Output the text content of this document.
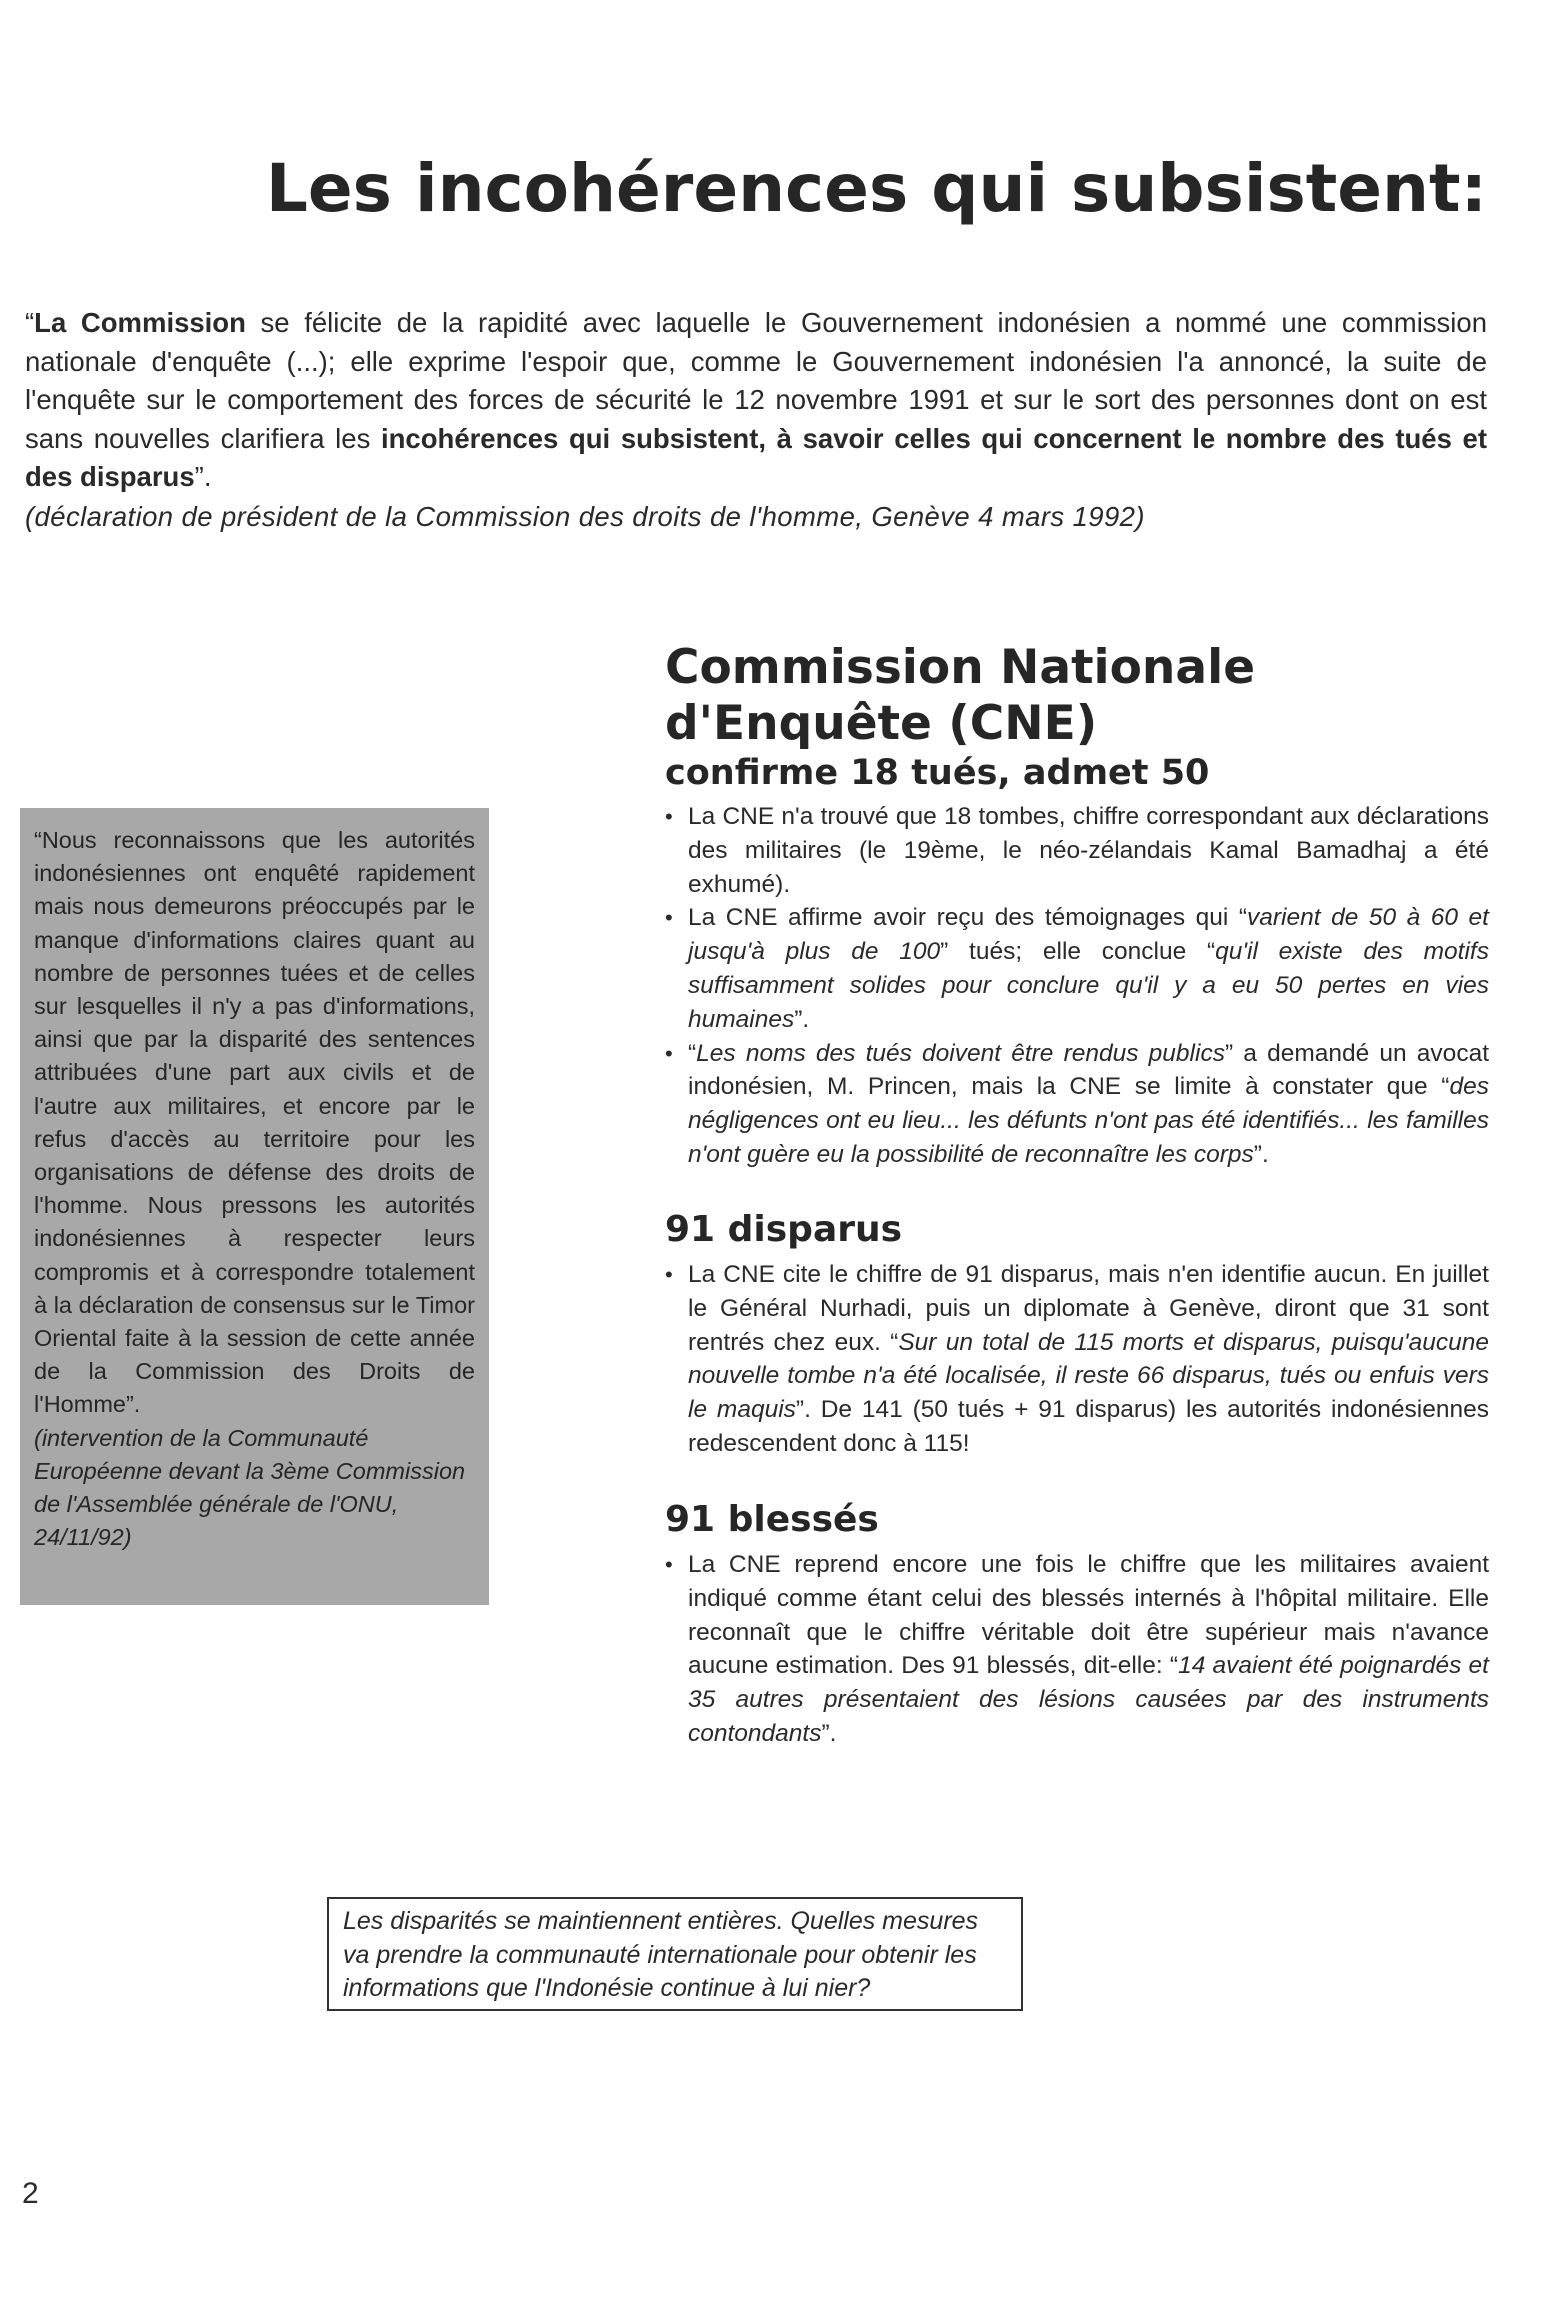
Les incohérences qui subsistent:

“La Commission se félicite de la rapidité avec laquelle le Gouvernement indonésien a nommé une commission nationale d'enquête (...); elle exprime l'espoir que, comme le Gouvernement indonésien l'a annoncé, la suite de l'enquête sur le comportement des forces de sécurité le 12 novembre 1991 et sur le sort des personnes dont on est sans nouvelles clarifiera les incohérences qui subsistent, à savoir celles qui concernent le nombre des tués et des disparus”.

(déclaration de président de la Commission des droits de l'homme, Genève 4 mars 1992)

“Nous reconnaissons que les autorités indonésiennes ont enquêté rapidement mais nous demeurons préoccupés par le manque d'informations claires quant au nombre de personnes tuées et de celles sur lesquelles il n'y a pas d'informations, ainsi que par la disparité des sentences attribuées d'une part aux civils et de l'autre aux militaires, et encore par le refus d'accès au territoire pour les organisations de défense des droits de l'homme. Nous pressons les autorités indonésiennes à respecter leurs compromis et à correspondre totalement à la déclaration de consensus sur le Timor Oriental faite à la session de cette année de la Commission des Droits de l'Homme”.

(intervention de la Communauté Européenne devant la 3ème Commission de l'Assemblée générale de l'ONU, 24/11/92)

Commission Nationale
d'Enquête (CNE)
confirme 18 tués, admet 50
• La CNE n'a trouvé que 18 tombes, chiffre correspondant aux déclarations des militaires (le 19ème, le néo-zélandais Kamal Bamadhaj a été exhumé).
• La CNE affirme avoir reçu des témoignages qui “varient de 50 à 60 et jusqu'à plus de 100” tués; elle conclue “qu'il existe des motifs suffisamment solides pour conclure qu'il y a eu 50 pertes en vies humaines”.
• “Les noms des tués doivent être rendus publics” a demandé un avocat indonésien, M. Princen, mais la CNE se limite à constater que “des négligences ont eu lieu... les défunts n'ont pas été identifiés... les familles n'ont guère eu la possibilité de reconnaître les corps”.
91 disparus
• La CNE cite le chiffre de 91 disparus, mais n'en identifie aucun. En juillet le Général Nurhadi, puis un diplomate à Genève, diront que 31 sont rentrés chez eux. “Sur un total de 115 morts et disparus, puisqu'aucune nouvelle tombe n'a été localisée, il reste 66 disparus, tués ou enfuis vers le maquis”. De 141 (50 tués + 91 disparus) les autorités indonésiennes redescendent donc à 115!
91 blessés
• La CNE reprend encore une fois le chiffre que les militaires avaient indiqué comme étant celui des blessés internés à l'hôpital militaire. Elle reconnaît que le chiffre véritable doit être supérieur mais n'avance aucune estimation. Des 91 blessés, dit-elle: “14 avaient été poignardés et 35 autres présentaient des lésions causées par des instruments contondants”.
Les disparités se maintiennent entières. Quelles mesures va prendre la communauté internationale pour obtenir les informations que l'Indonésie continue à lui nier?
2
